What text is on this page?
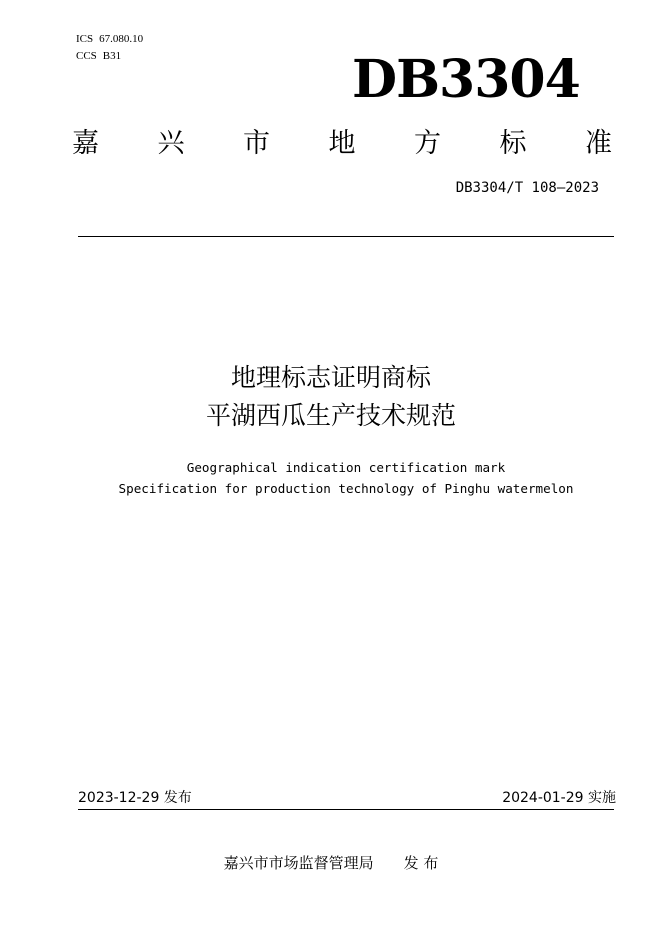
ICS 67.080.10
CCS B31	DB3304
嘉 兴 市 地 方 标 准
DB3304/T 108—2023
地理标志证明商标
平湖西瓜生产技术规范
Geographical indication certification mark
Specification for production technology of Pinghu watermelon
2023-12-29 发布	2024-01-29 实施
嘉兴市市场监督管理局 发 布
